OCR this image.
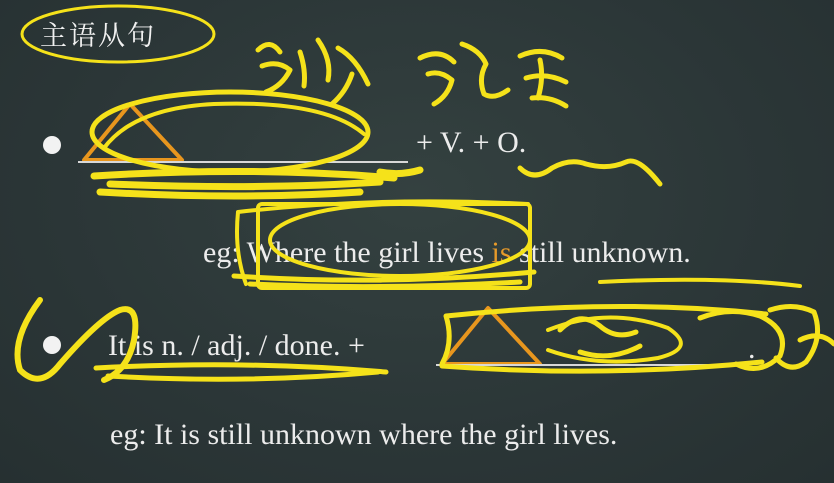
主语从句
+ V. + O.
eg: Where the girl lives is still unknown.
It is n. / adj. / done. +	.
eg: It is still unknown where the girl lives.
